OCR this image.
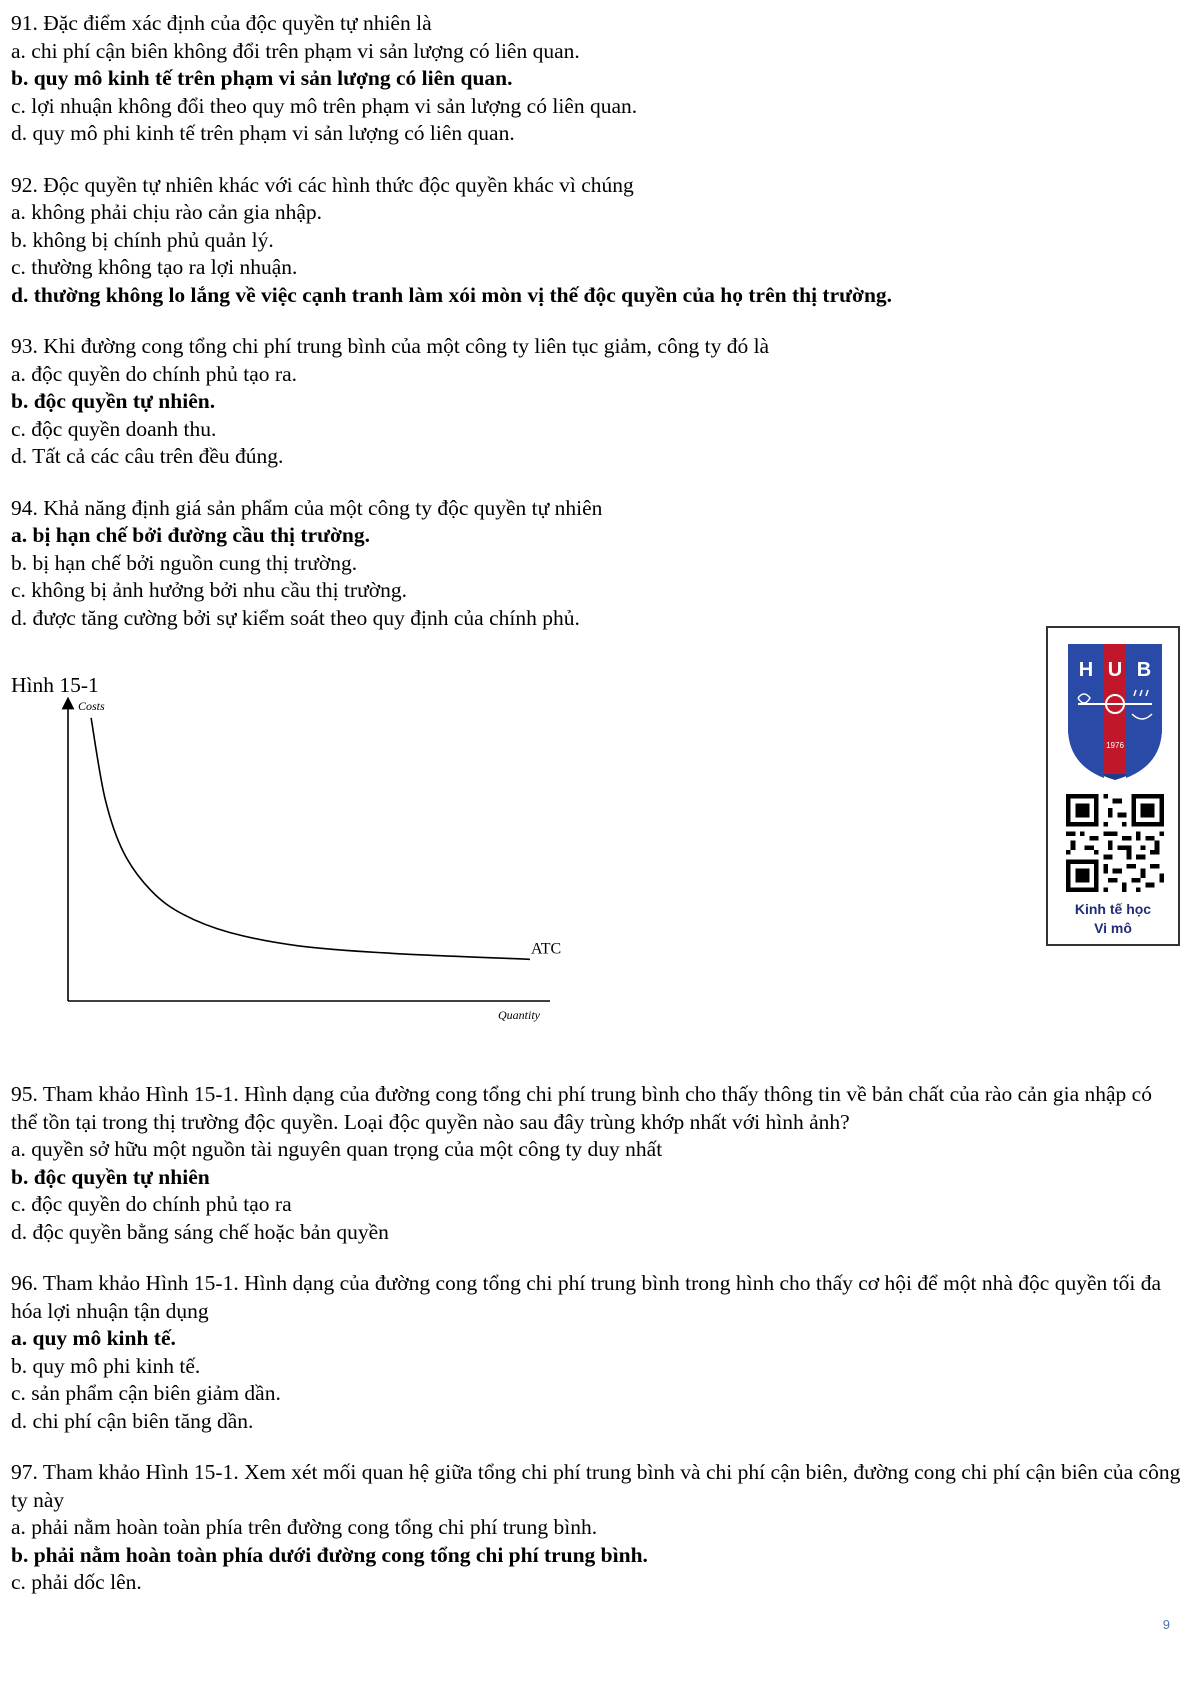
91. Đặc điểm xác định của độc quyền tự nhiên là

a. chi phí cận biên không đổi trên phạm vi sản lượng có liên quan.

b. quy mô kinh tế trên phạm vi sản lượng có liên quan.

c. lợi nhuận không đổi theo quy mô trên phạm vi sản lượng có liên quan.

d. quy mô phi kinh tế trên phạm vi sản lượng có liên quan.

92. Độc quyền tự nhiên khác với các hình thức độc quyền khác vì chúng

a. không phải chịu rào cản gia nhập.

b. không bị chính phủ quản lý.

c. thường không tạo ra lợi nhuận.

d. thường không lo lắng về việc cạnh tranh làm xói mòn vị thế độc quyền của họ trên thị trường.

93. Khi đường cong tổng chi phí trung bình của một công ty liên tục giảm, công ty đó là

a. độc quyền do chính phủ tạo ra.

b. độc quyền tự nhiên.

c. độc quyền doanh thu.

d. Tất cả các câu trên đều đúng.

94. Khả năng định giá sản phẩm của một công ty độc quyền tự nhiên

a. bị hạn chế bởi đường cầu thị trường.

b. bị hạn chế bởi nguồn cung thị trường.

c. không bị ảnh hưởng bởi nhu cầu thị trường.

d. được tăng cường bởi sự kiểm soát theo quy định của chính phủ.

Hình 15-1
Costs
Quantity
ATC
H U B
1976
Kinh tế học
Vi mô

95. Tham khảo Hình 15-1. Hình dạng của đường cong tổng chi phí trung bình cho thấy thông tin về bản chất của rào cản gia nhập có thể tồn tại trong thị trường độc quyền. Loại độc quyền nào sau đây trùng khớp nhất với hình ảnh?

a. quyền sở hữu một nguồn tài nguyên quan trọng của một công ty duy nhất

b. độc quyền tự nhiên

c. độc quyền do chính phủ tạo ra

d. độc quyền bằng sáng chế hoặc bản quyền

96. Tham khảo Hình 15-1. Hình dạng của đường cong tổng chi phí trung bình trong hình cho thấy cơ hội để một nhà độc quyền tối đa hóa lợi nhuận tận dụng

a. quy mô kinh tế.

b. quy mô phi kinh tế.

c. sản phẩm cận biên giảm dần.

d. chi phí cận biên tăng dần.

97. Tham khảo Hình 15-1. Xem xét mối quan hệ giữa tổng chi phí trung bình và chi phí cận biên, đường cong chi phí cận biên của công ty này

a. phải nằm hoàn toàn phía trên đường cong tổng chi phí trung bình.

b. phải nằm hoàn toàn phía dưới đường cong tổng chi phí trung bình.

c. phải dốc lên.

9
